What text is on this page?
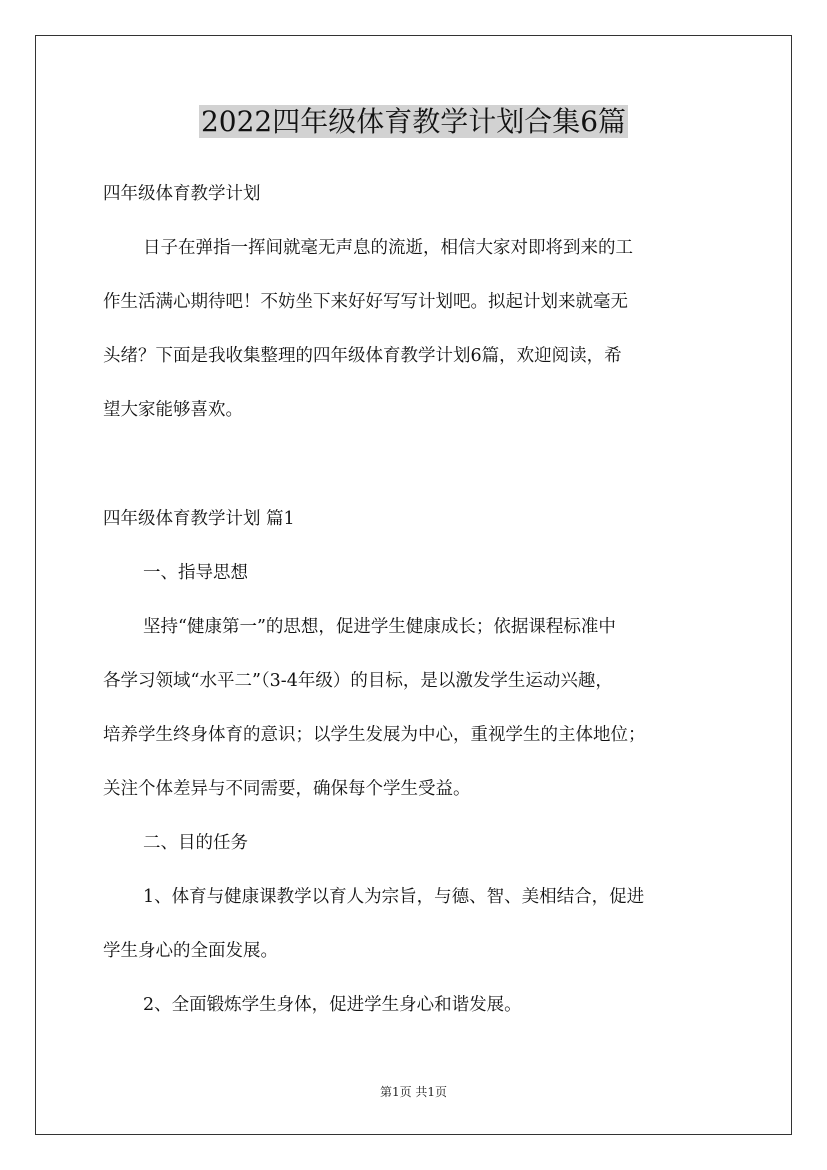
2022四年级体育教学计划合集6篇

四年级体育教学计划

日子在弹指一挥间就毫无声息的流逝，相信大家对即将到来的工

作生活满心期待吧！不妨坐下来好好写写计划吧。拟起计划来就毫无

头绪？下面是我收集整理的四年级体育教学计划6篇，欢迎阅读，希

望大家能够喜欢。

四年级体育教学计划 篇1

一、指导思想

坚持“健康第一”的思想，促进学生健康成长；依据课程标准中

各学习领域“水平二”（3-4年级）的目标，是以激发学生运动兴趣，

培养学生终身体育的意识；以学生发展为中心，重视学生的主体地位；

关注个体差异与不同需要，确保每个学生受益。

二、目的任务

1、体育与健康课教学以育人为宗旨，与德、智、美相结合，促进

学生身心的全面发展。

2、全面锻炼学生身体，促进学生身心和谐发展。

第1页 共1页
